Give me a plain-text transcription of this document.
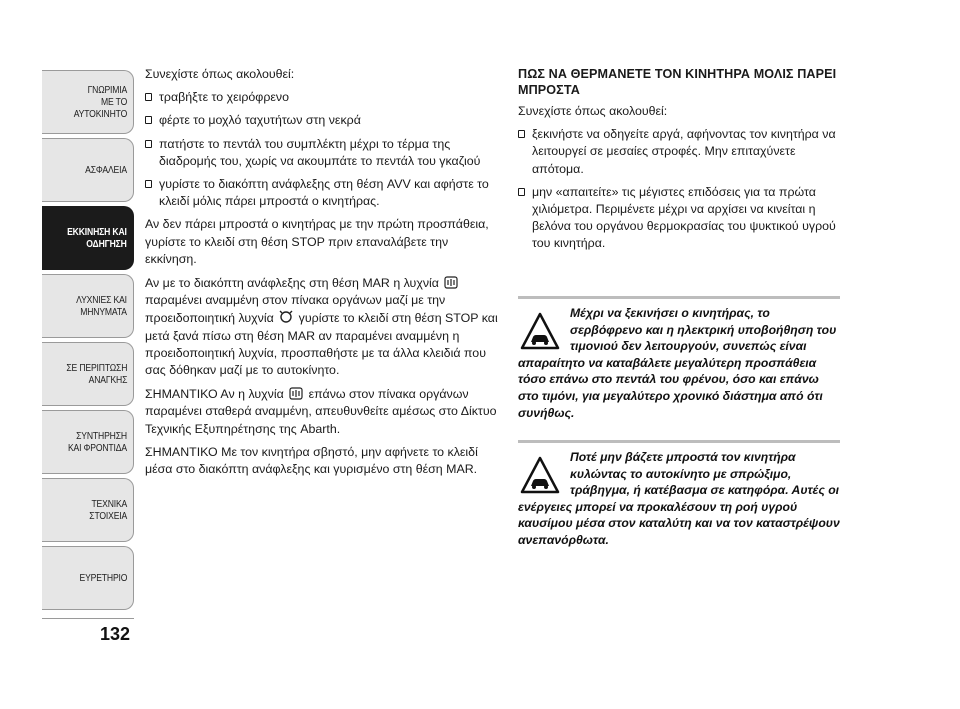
ΓΝΩΡΙΜΙΑ
ΜΕ ΤΟ
ΑΥΤΟΚΙΝΗΤΟ
ΑΣΦΑΛΕΙΑ
ΕΚΚΙΝΗΣΗ ΚΑΙ
ΟΔΗΓΗΣΗ
ΛΥΧΝΙΕΣ ΚΑΙ
ΜΗΝΥΜΑΤΑ
ΣΕ ΠΕΡΙΠΤΩΣΗ
ΑΝΑΓΚΗΣ
ΣΥΝΤΗΡΗΣΗ
ΚΑΙ ΦΡΟΝΤΙΔΑ
ΤΕΧΝΙΚΑ
ΣΤΟΙΧΕΙΑ
ΕΥΡΕΤΗΡΙΟ
132

Συνεχίστε όπως ακολουθεί:

τραβήξτε το χειρόφρενο

φέρτε το μοχλό ταχυτήτων στη νεκρά

πατήστε το πεντάλ του συμπλέκτη μέχρι το τέρμα της διαδρομής του, χωρίς να ακουμπάτε το πεντάλ του γκαζιού

γυρίστε το διακόπτη ανάφλεξης στη θέση AVV και αφήστε το κλειδί μόλις πάρει μπροστά ο κινητήρας.

Αν δεν πάρει μπροστά ο κινητήρας με την πρώτη προσπάθεια, γυρίστε το κλειδί στη θέση STOP πριν επαναλάβετε την εκκίνηση.

Αν με το διακόπτη ανάφλεξης στη θέση MAR η λυχνία  παραμένει αναμμένη στον πίνακα οργάνων μαζί με την προειδοποιητική λυχνία γυρίστε το κλειδί στη θέση STOP και μετά ξανά πίσω στη θέση MAR αν παραμένει αναμμένη η προειδοποιητική λυχνία, προσπαθήστε με τα άλλα κλειδιά που σας δόθηκαν μαζί με το αυτοκίνητο.

ΣΗΜΑΝΤΙΚΟ Αν η λυχνία επάνω στον πίνακα οργάνων παραμένει σταθερά αναμμένη, απευθυνθείτε αμέσως στο Δίκτυο Τεχνικής Εξυπηρέτησης της Abarth.

ΣΗΜΑΝΤΙΚΟ Με τον κινητήρα σβηστό, μην αφήνετε το κλειδί μέσα στο διακόπτη ανάφλεξης και γυρισμένο στη θέση MAR.

ΠΩΣ ΝΑ ΘΕΡΜΑΝΕΤΕ ΤΟΝ ΚΙΝΗΤΗΡΑ ΜΟΛΙΣ ΠΑΡΕΙ ΜΠΡΟΣΤΑ

Συνεχίστε όπως ακολουθεί:

ξεκινήστε να οδηγείτε αργά, αφήνοντας τον κινητήρα να λειτουργεί σε μεσαίες στροφές. Μην επιταχύνετε απότομα.

μην «απαιτείτε» τις μέγιστες επιδόσεις για τα πρώτα χιλιόμετρα. Περιμένετε μέχρι να αρχίσει να κινείται η βελόνα του οργάνου θερμοκρασίας του ψυκτικού υγρού του κινητήρα.

Μέχρι να ξεκινήσει ο κινητήρας, το σερβόφρενο και η ηλεκτρική υποβοήθηση του τιμονιού δεν λειτουργούν, συνεπώς είναι απαραίτητο να καταβάλετε μεγαλύτερη προσπάθεια τόσο επάνω στο πεντάλ του φρένου, όσο και επάνω στο τιμόνι, για μεγαλύτερο χρονικό διάστημα από ότι συνήθως.
Ποτέ μην βάζετε μπροστά τον κινητήρα κυλώντας το αυτοκίνητο με σπρώξιμο, τράβηγμα, ή κατέβασμα σε κατηφόρα. Αυτές οι ενέργειες μπορεί να προκαλέσουν τη ροή υγρού καυσίμου μέσα στον καταλύτη και να τον καταστρέψουν ανεπανόρθωτα.
